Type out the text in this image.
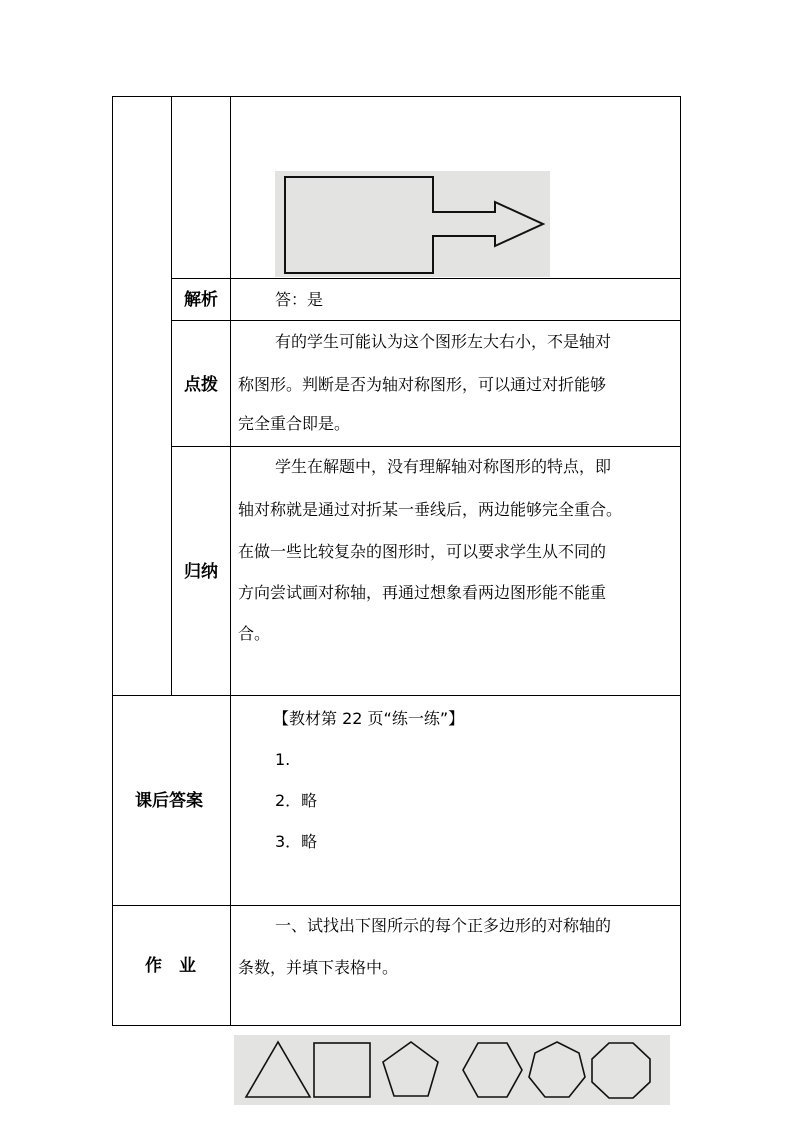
解析	答：是
点拨
有的学生可能认为这个图形左大右小，不是轴对
称图形。判断是否为轴对称图形，可以通过对折能够
完全重合即是。
归纳
学生在解题中，没有理解轴对称图形的特点，即
轴对称就是通过对折某一垂线后，两边能够完全重合。
在做一些比较复杂的图形时，可以要求学生从不同的
方向尝试画对称轴，再通过想象看两边图形能不能重
合。
课后答案
【教材第 22 页“练一练”】
1.
2．略
3．略
作　业
一、试找出下图所示的每个正多边形的对称轴的
条数，并填下表格中。
